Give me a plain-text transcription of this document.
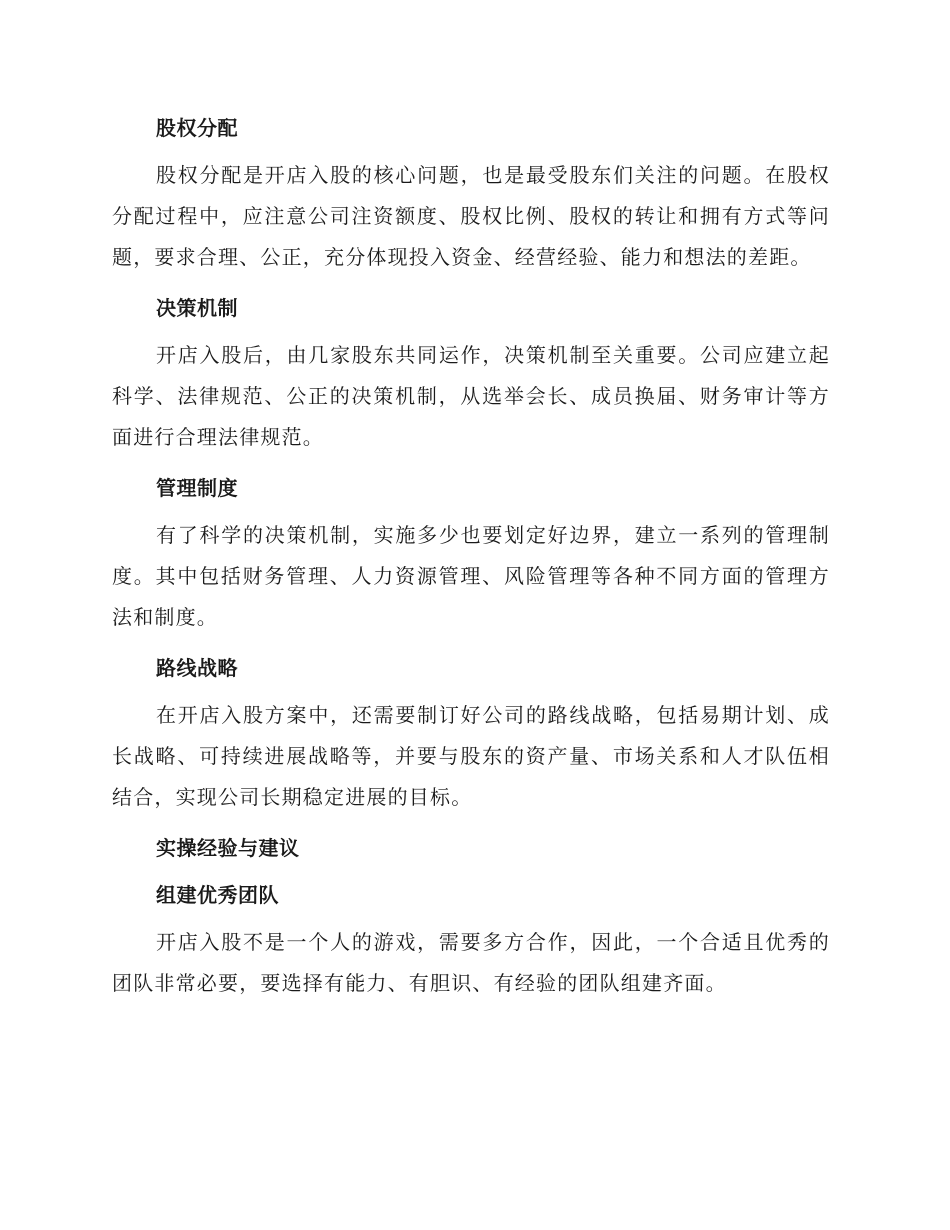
股权分配

股权分配是开店入股的核心问题，也是最受股东们关注的问题。在股权分配过程中，应注意公司注资额度、股权比例、股权的转让和拥有方式等问题，要求合理、公正，充分体现投入资金、经营经验、能力和想法的差距。

决策机制

开店入股后，由几家股东共同运作，决策机制至关重要。公司应建立起科学、法律规范、公正的决策机制，从选举会长、成员换届、财务审计等方面进行合理法律规范。

管理制度

有了科学的决策机制，实施多少也要划定好边界，建立一系列的管理制度。其中包括财务管理、人力资源管理、风险管理等各种不同方面的管理方法和制度。

路线战略

在开店入股方案中，还需要制订好公司的路线战略，包括易期计划、成长战略、可持续进展战略等，并要与股东的资产量、市场关系和人才队伍相结合，实现公司长期稳定进展的目标。

实操经验与建议
组建优秀团队

开店入股不是一个人的游戏，需要多方合作，因此，一个合适且优秀的团队非常必要，要选择有能力、有胆识、有经验的团队组建齐面。
